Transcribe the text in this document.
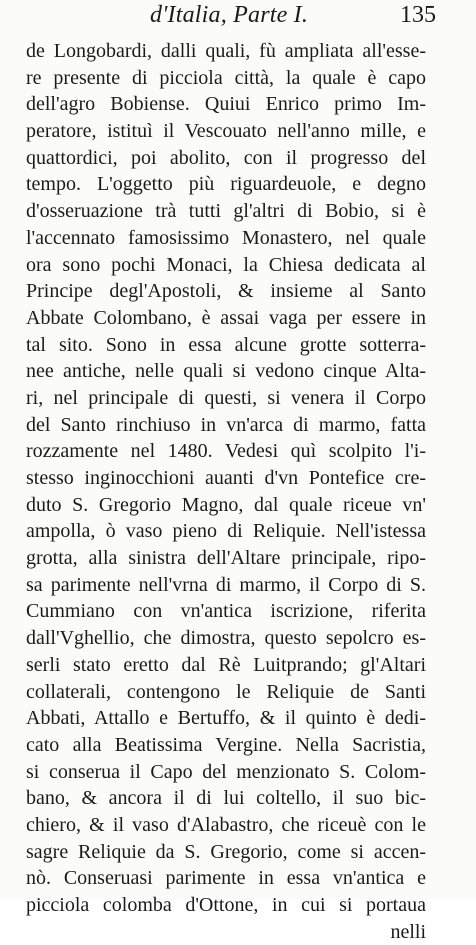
d'Italia, Parte I.	135
de Longobardi, dalli quali, fù ampliata all'esse-
re presente di picciola città, la quale è capo
dell'agro Bobiense. Quiui Enrico primo Im-
peratore, istituì il Vescouato nell'anno mille, e
quattordici, poi abolito, con il progresso del
tempo. L'oggetto più riguardeuole, e degno
d'osseruazione trà tutti gl'altri di Bobio, si è
l'accennato famosissimo Monastero, nel quale
ora sono pochi Monaci, la Chiesa dedicata al
Principe degl'Apostoli, & insieme al Santo
Abbate Colombano, è assai vaga per essere in
tal sito. Sono in essa alcune grotte sotterra-
nee antiche, nelle quali si vedono cinque Alta-
ri, nel principale di questi, si venera il Corpo
del Santo rinchiuso in vn'arca di marmo, fatta
rozzamente nel 1480. Vedesi quì scolpito l'i-
stesso inginocchioni auanti d'vn Pontefice cre-
duto S. Gregorio Magno, dal quale riceue vn'
ampolla, ò vaso pieno di Reliquie. Nell'istessa
grotta, alla sinistra dell'Altare principale, ripo-
sa parimente nell'vrna di marmo, il Corpo di S.
Cummiano con vn'antica iscrizione, riferita
dall'Vghellio, che dimostra, questo sepolcro es-
serli stato eretto dal Rè Luitprando; gl'Altari
collaterali, contengono le Reliquie de Santi
Abbati, Attallo e Bertuffo, & il quinto è dedi-
cato alla Beatissima Vergine. Nella Sacristia,
si conserua il Capo del menzionato S. Colom-
bano, & ancora il di lui coltello, il suo bic-
chiero, & il vaso d'Alabastro, che riceuè con le
sagre Reliquie da S. Gregorio, come si accen-
nò. Conseruasi parimente in essa vn'antica e
picciola colomba d'Ottone, in cui si portaua
nelli
